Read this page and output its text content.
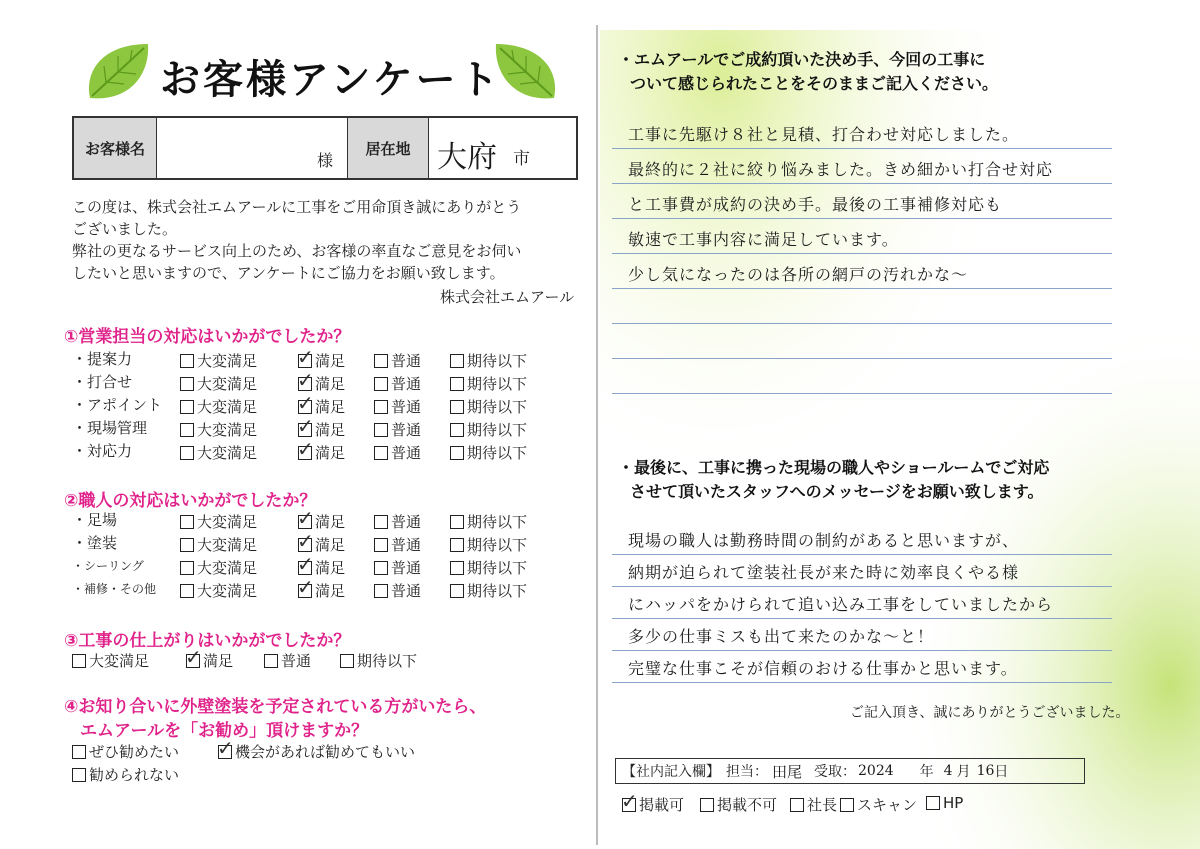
お客様アンケート
お客様名
様
居在地 大府 市
この度は、株式会社エムアールに工事をご用命頂き誠にありがとう
ございました。
弊社の更なるサービス向上のため、お客様の率直なご意見をお伺い
したいと思いますので、アンケートにご協力をお願い致します。
株式会社エムアール
①営業担当の対応はいかがでしたか？
・提案力	大変満足 ✓ 満足	普通	期待以下
・打合せ	大変満足 ✓ 満足	普通	期待以下
・アポイント 大変満足 ✓ 満足	普通	期待以下
・現場管理	大変満足 ✓ 満足	普通	期待以下
・対応力	大変満足 ✓ 満足	普通	期待以下
②職人の対応はいかがでしたか？
・足場	大変満足 ✓ 満足	普通	期待以下
・塗装	大変満足 ✓ 満足	普通	期待以下
・シーリング	大変満足 ✓ 満足	普通	期待以下
・補修・その他	大変満足 ✓ 満足	普通	期待以下
③工事の仕上がりはいかがでしたか？
大変満足 ✓ 満足	普通	期待以下
④お知り合いに外壁塗装を予定されている方がいたら、
エムアールを「お勧め」頂けますか？
ぜひ勧めたい ✓ 機会があれば勧めてもいい
勧められない
・エムアールでご成約頂いた決め手、今回の工事に
ついて感じられたことをそのままご記入ください。
工事に先駆け８社と見積、打合わせ対応しました。
最終的に２社に絞り悩みました。きめ細かい打合せ対応
と工事費が成約の決め手。最後の工事補修対応も
敏速で工事内容に満足しています。
少し気になったのは各所の網戸の汚れかな〜
・最後に、工事に携った現場の職人やショールームでご対応
させて頂いたスタッフへのメッセージをお願い致します。
現場の職人は勤務時間の制約があると思いますが、
納期が迫られて塗装社長が来た時に効率良くやる様
にハッパをかけられて追い込み工事をしていましたから
多少の仕事ミスも出て来たのかな〜と！
完璧な仕事こそが信頼のおける仕事かと思います。
ご記入頂き、誠にありがとうございました。
【社内記入欄】 担当： 田尾 受取： 2024 年 4 月 16 日
✓ 掲載可 掲載不可 社長 スキャン HP
